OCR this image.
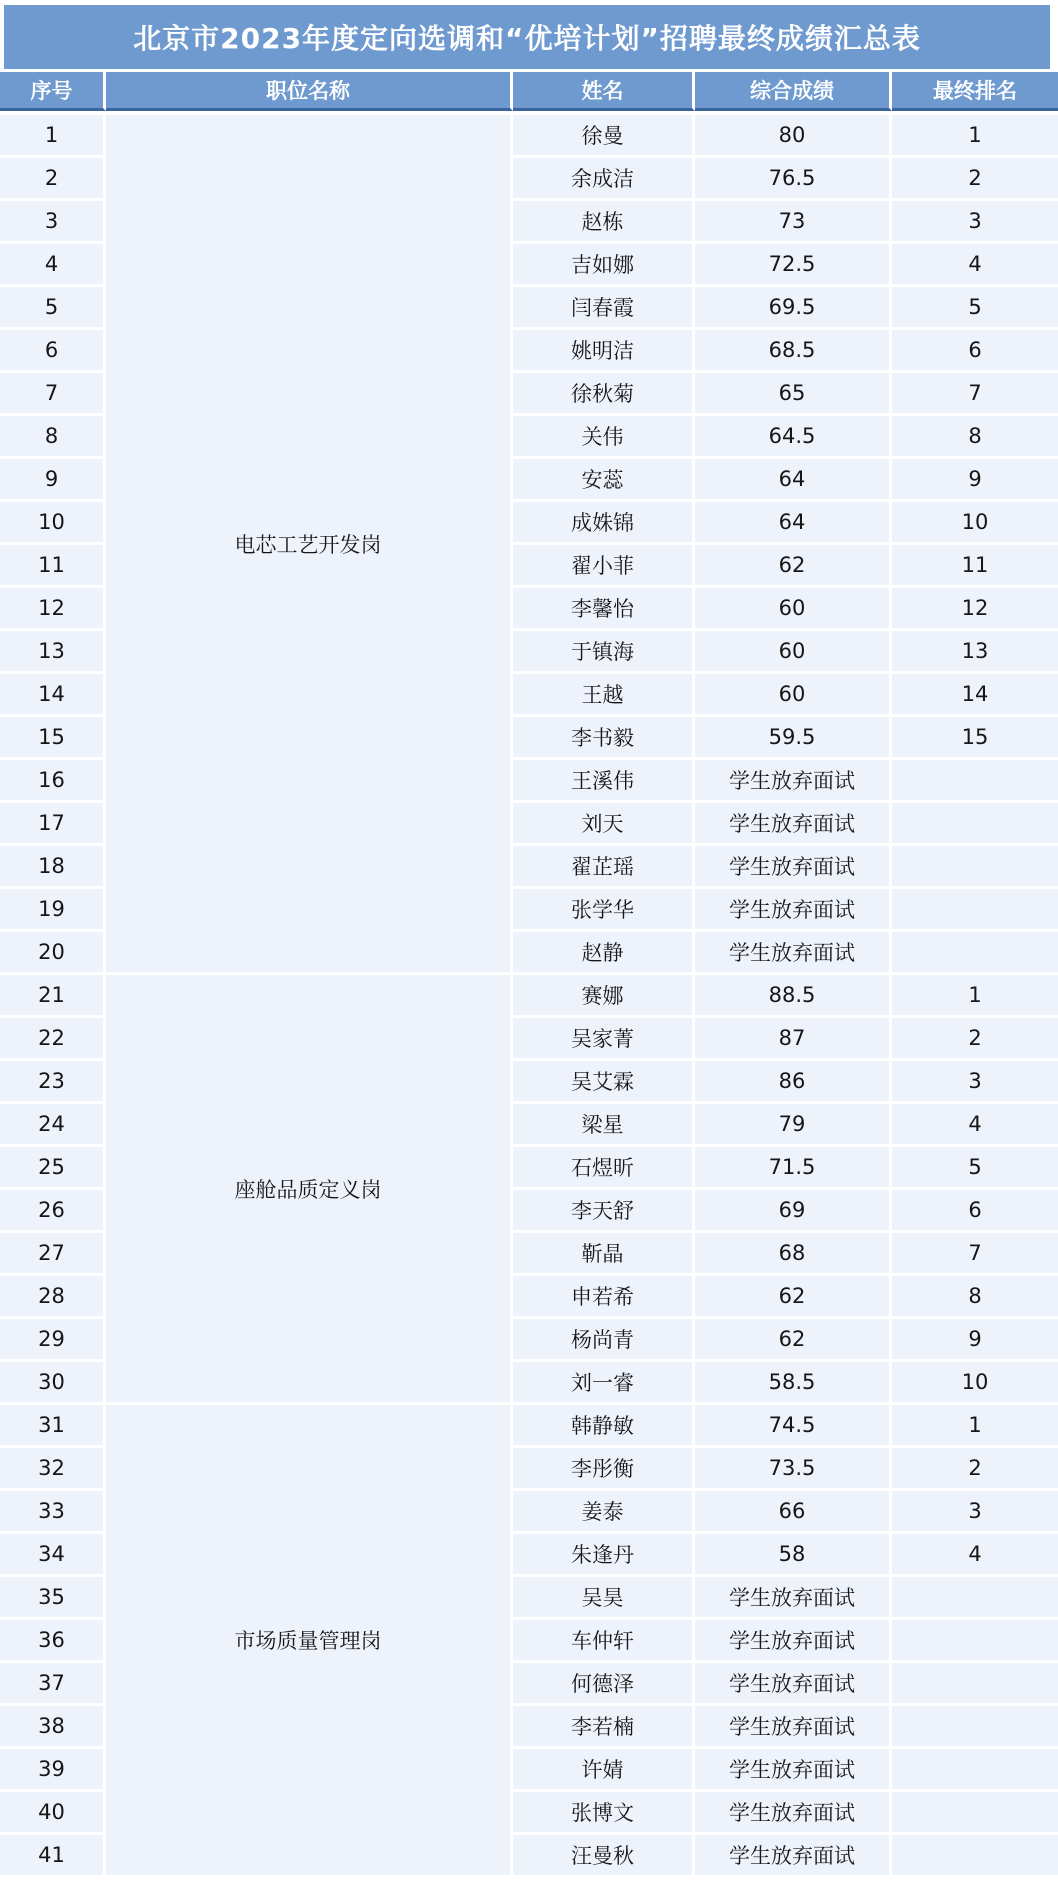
北京市2023年度定向选调和“优培计划”招聘最终成绩汇总表
序号	职位名称	姓名	综合成绩	最终排名
1	电芯工艺开发岗	徐曼	80	1
2		余成洁	76.5	2
3		赵栋	73	3
4		吉如娜	72.5	4
5		闫春霞	69.5	5
6		姚明洁	68.5	6
7		徐秋菊	65	7
8		关伟	64.5	8
9		安蕊	64	9
10		成姝锦	64	10
11		翟小菲	62	11
12		李馨怡	60	12
13		于镇海	60	13
14		王越	60	14
15		李书毅	59.5	15
16		王溪伟	学生放弃面试	
17		刘天	学生放弃面试	
18		翟芷瑶	学生放弃面试	
19		张学华	学生放弃面试	
20		赵静	学生放弃面试	
21	座舱品质定义岗	赛娜	88.5	1
22		吴家菁	87	2
23		吴艾霖	86	3
24		梁星	79	4
25		石煜昕	71.5	5
26		李天舒	69	6
27		靳晶	68	7
28		申若希	62	8
29		杨尚青	62	9
30		刘一睿	58.5	10
31	市场质量管理岗	韩静敏	74.5	1
32		李彤衡	73.5	2
33		姜泰	66	3
34		朱逢丹	58	4
35		吴昊	学生放弃面试	
36		车仲轩	学生放弃面试	
37		何德泽	学生放弃面试	
38		李若楠	学生放弃面试	
39		许婧	学生放弃面试	
40		张博文	学生放弃面试	
41		汪曼秋	学生放弃面试	
